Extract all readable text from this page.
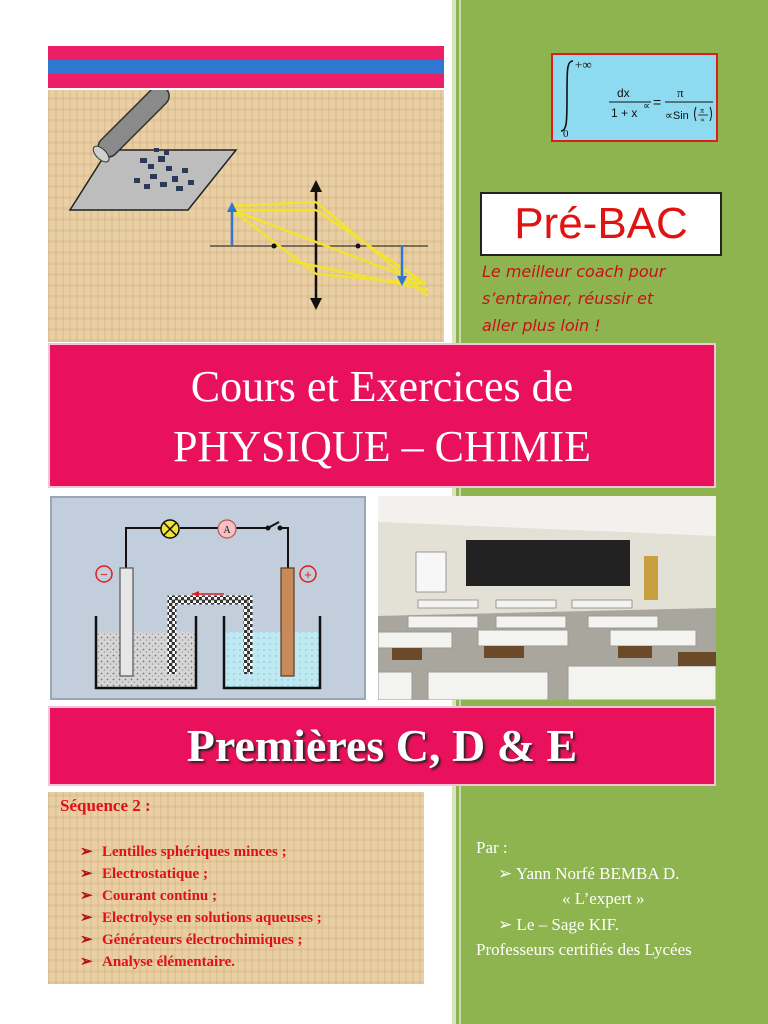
+∞
0
dx
1 + x ∝ =
π
∝Sin π
∝
Pré-BAC
Le meilleur coach pour
s’entraîner, réussir et
aller plus loin !
Cours et Exercices de
PHYSIQUE – CHIMIE
A
−	+
Premières C, D & E
Séquence 2 :
➢ Lentilles sphériques minces ;
➢ Electrostatique ;
➢ Courant continu ;
➢ Electrolyse en solutions aqueuses ;
➢ Générateurs électrochimiques ;
➢ Analyse élémentaire.
Par :
➢ Yann Norfé BEMBA D.
« L’expert »
➢ Le – Sage KIF.
Professeurs certifiés des Lycées
